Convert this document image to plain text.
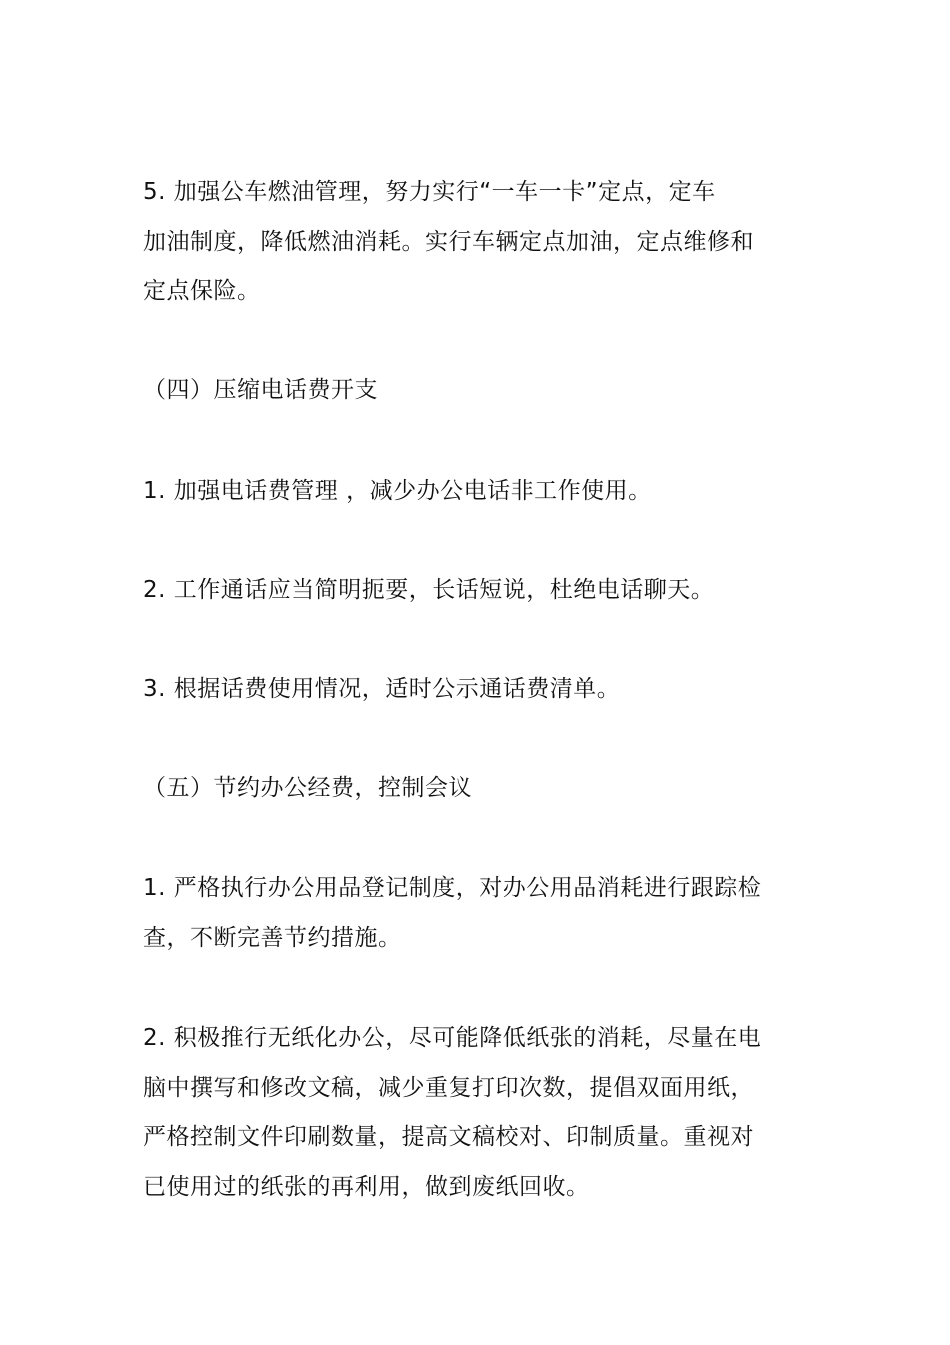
5. 加强公车燃油管理，努力实行“一车一卡”定点，定车
加油制度，降低燃油消耗。实行车辆定点加油，定点维修和
定点保险。

（四）压缩电话费开支

1. 加强电话费管理 ，减少办公电话非工作使用。

2. 工作通话应当简明扼要，长话短说，杜绝电话聊天。

3. 根据话费使用情况，适时公示通话费清单。

（五）节约办公经费，控制会议

1. 严格执行办公用品登记制度，对办公用品消耗进行跟踪检
查，不断完善节约措施。

2. 积极推行无纸化办公，尽可能降低纸张的消耗，尽量在电
脑中撰写和修改文稿，减少重复打印次数，提倡双面用纸，
严格控制文件印刷数量，提高文稿校对、印制质量。重视对
已使用过的纸张的再利用，做到废纸回收。
